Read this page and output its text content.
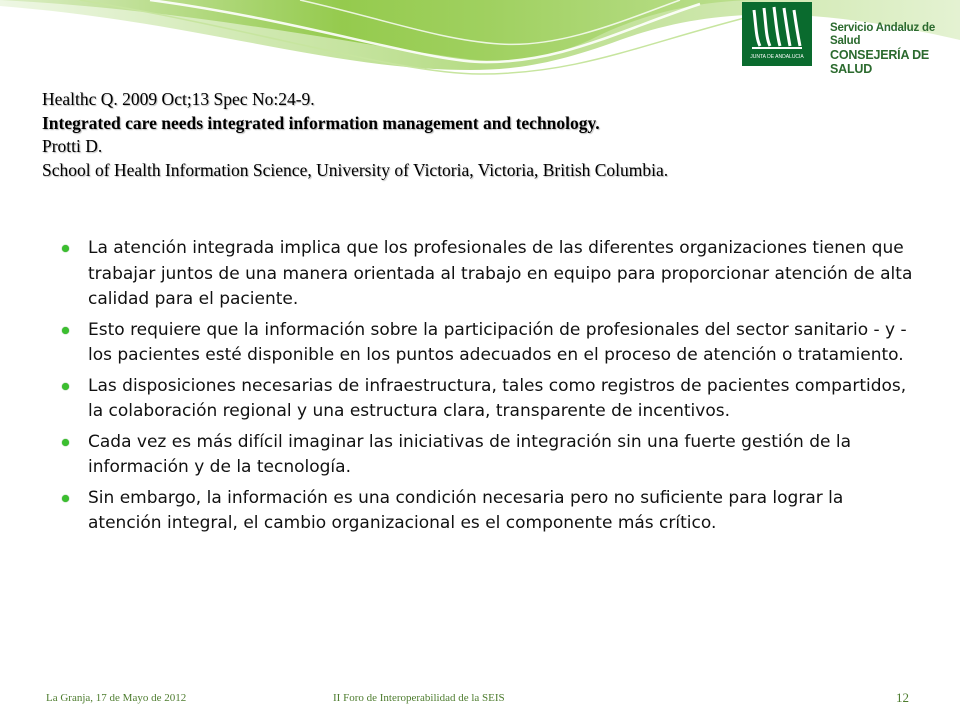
JUNTA DE ANDALUCIA
Servicio Andaluz de Salud
CONSEJERÍA DE SALUD
Healthc Q. 2009 Oct;13 Spec No:24-9.
Integrated care needs integrated information management and technology.
Protti D.
School of Health Information Science, University of Victoria, Victoria, British Columbia.
La atención integrada implica que los profesionales de las diferentes organizaciones tienen que trabajar juntos de una manera orientada al trabajo en equipo para proporcionar atención de alta calidad para el paciente.
Esto requiere que la información sobre la participación de profesionales del sector sanitario - y - los pacientes esté disponible en los puntos adecuados en el proceso de atención o tratamiento.
Las disposiciones necesarias de infraestructura, tales como registros de pacientes compartidos, la colaboración regional y una estructura clara, transparente de incentivos.
Cada vez es más difícil imaginar las iniciativas de integración sin una fuerte gestión de la información y de la tecnología.
Sin embargo, la información es una condición necesaria pero no suficiente para lograr la atención integral, el cambio organizacional es el componente más crítico.
La Granja, 17 de Mayo de 2012	II Foro de Interoperabilidad de la SEIS	12
